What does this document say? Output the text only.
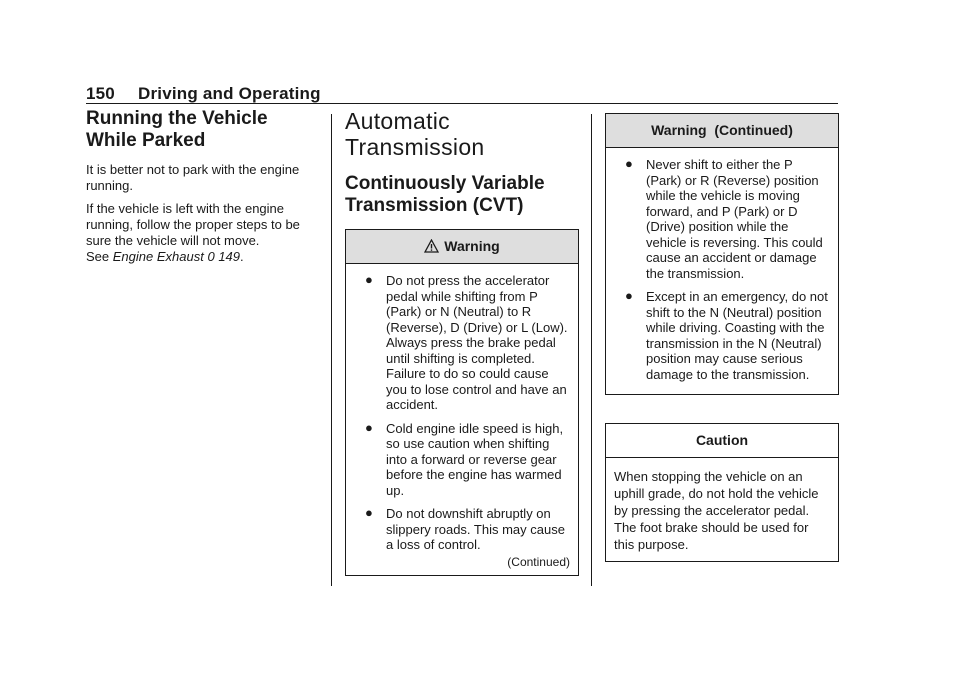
150 Driving and Operating
Running the Vehicle
While Parked

It is better not to park with the engine running.

If the vehicle is left with the engine running, follow the proper steps to be sure the vehicle will not move.
See Engine Exhaust 0 149.

Automatic
Transmission
Continuously Variable
Transmission (CVT)
Warning
● Do not press the accelerator pedal while shifting from P (Park) or N (Neutral) to R (Reverse), D (Drive) or L (Low). Always press the brake pedal until shifting is completed. Failure to do so could cause you to lose control and have an accident.
● Cold engine idle speed is high, so use caution when shifting into a forward or reverse gear before the engine has warmed up.
● Do not downshift abruptly on slippery roads. This may cause a loss of control.
(Continued)
Warning  (Continued)
● Never shift to either the P (Park) or R (Reverse) position while the vehicle is moving forward, and P (Park) or D (Drive) position while the vehicle is reversing. This could cause an accident or damage the transmission.
● Except in an emergency, do not shift to the N (Neutral) position while driving. Coasting with the transmission in the N (Neutral) position may cause serious damage to the transmission.
Caution
When stopping the vehicle on an uphill grade, do not hold the vehicle by pressing the accelerator pedal. The foot brake should be used for this purpose.
